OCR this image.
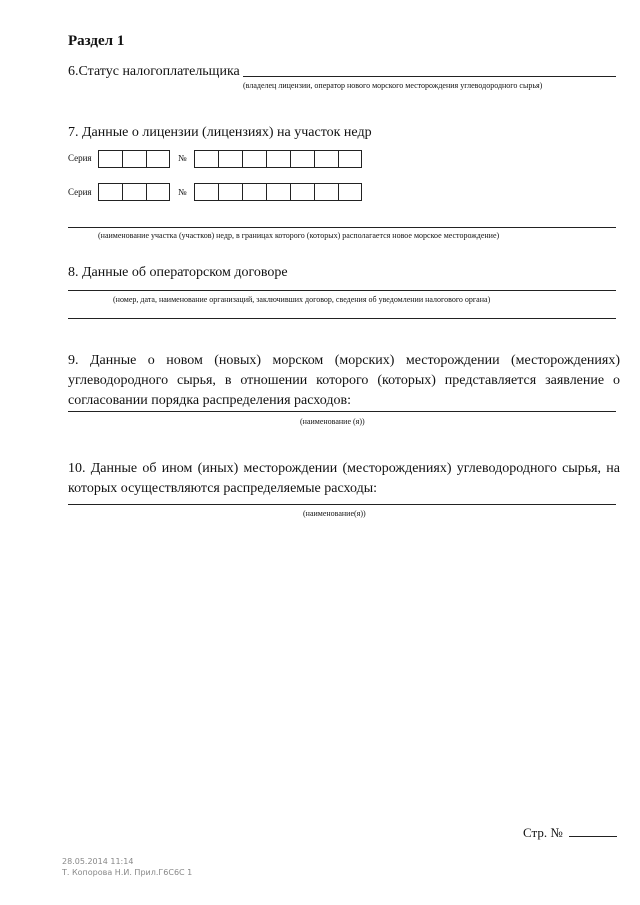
Раздел 1
6.Статус налогоплательщика
(владелец лицензии, оператор нового морского месторождения углеводородного сырья)
7. Данные о лицензии (лицензиях) на участок недр
Серия	№
Серия	№
(наименование участка (участков) недр, в границах которого (которых) располагается новое морское месторождение)
8. Данные об операторском договоре
(номер, дата, наименование организаций, заключивших договор, сведения об уведомлении налогового органа)
9. Данные о новом (новых) морском (морских) месторождении (месторождениях) углеводородного сырья, в отношении которого (которых) представляется заявление о согласовании порядка распределения расходов:
(наименование (я))
10. Данные об ином (иных) месторождении (месторождениях) углеводородного сырья, на которых осуществляются распределяемые расходы:
(наименование(я))
Стр. №
28.05.2014 11:14
Т. Копорова Н.И. Прил.Г6С6С 1
